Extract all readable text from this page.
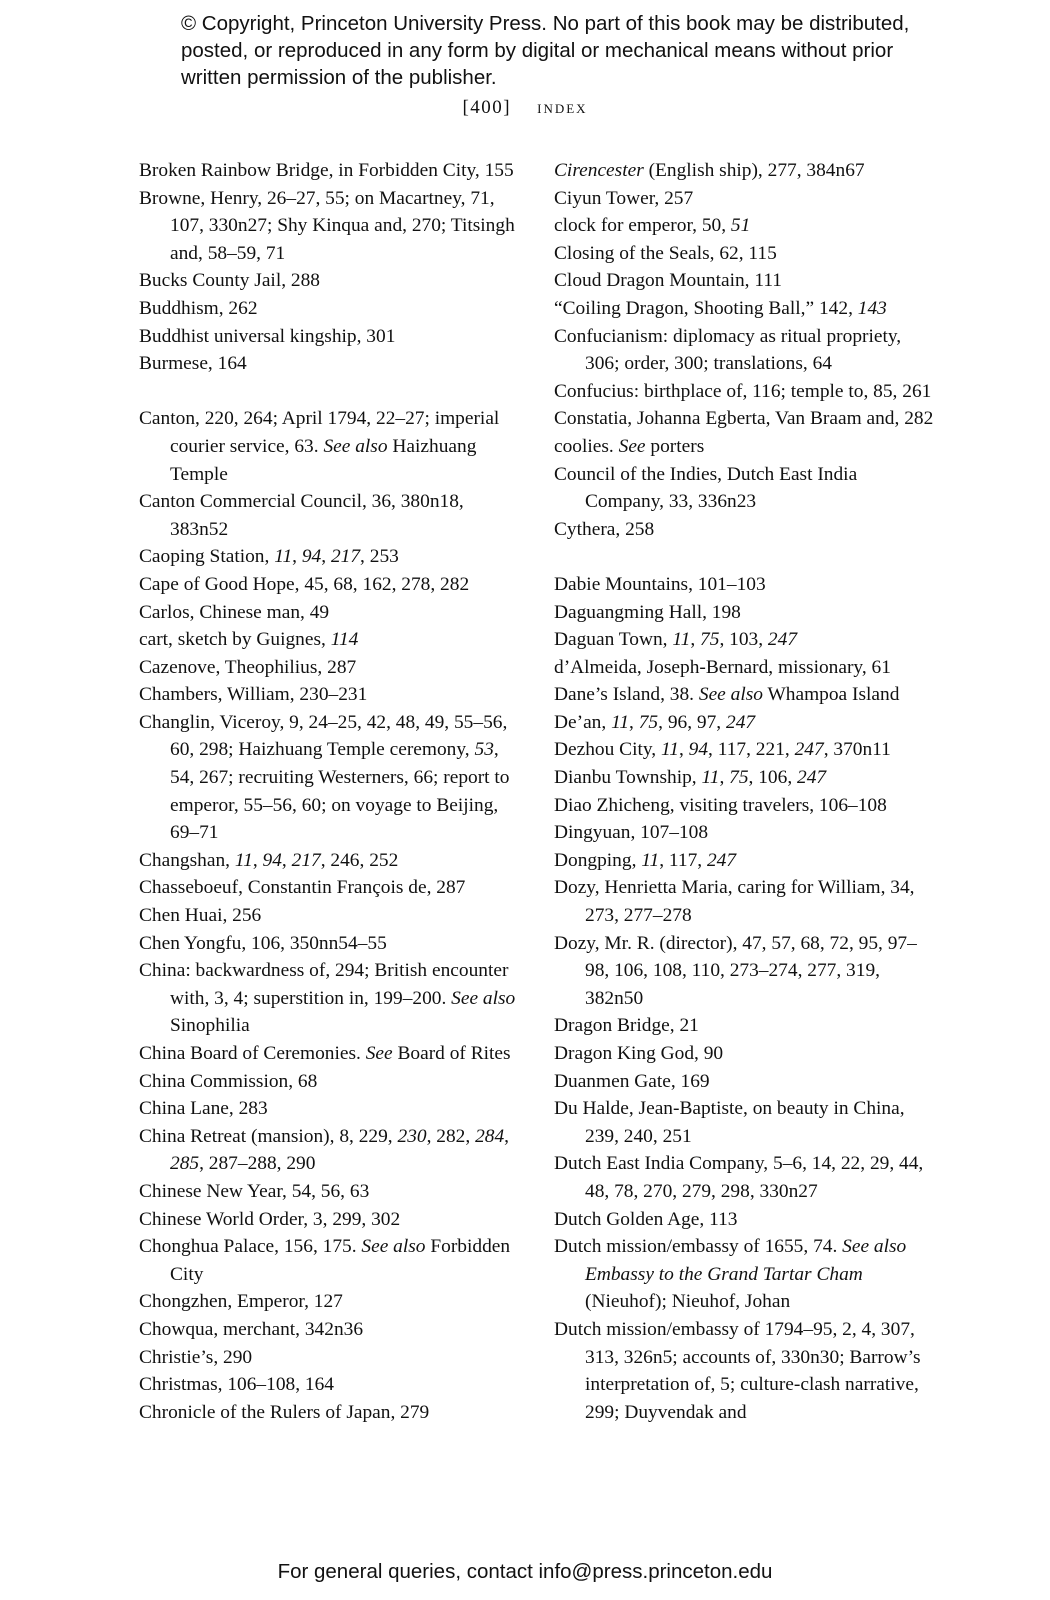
© Copyright, Princeton University Press. No part of this book may be distributed, posted, or reproduced in any form by digital or mechanical means without prior written permission of the publisher.
[400] index
Broken Rainbow Bridge, in Forbidden City, 155
Browne, Henry, 26–27, 55; on Macartney, 71, 107, 330n27; Shy Kinqua and, 270; Titsingh and, 58–59, 71
Bucks County Jail, 288
Buddhism, 262
Buddhist universal kingship, 301
Burmese, 164
Canton, 220, 264; April 1794, 22–27; imperial courier service, 63. See also Haizhuang Temple
Canton Commercial Council, 36, 380n18, 383n52
Caoping Station, 11, 94, 217, 253
Cape of Good Hope, 45, 68, 162, 278, 282
Carlos, Chinese man, 49
cart, sketch by Guignes, 114
Cazenove, Theophilius, 287
Chambers, William, 230–231
Changlin, Viceroy, 9, 24–25, 42, 48, 49, 55–56, 60, 298; Haizhuang Temple ceremony, 53, 54, 267; recruiting Westerners, 66; report to emperor, 55–56, 60; on voyage to Beijing, 69–71
Changshan, 11, 94, 217, 246, 252
Chasseboeuf, Constantin François de, 287
Chen Huai, 256
Chen Yongfu, 106, 350nn54–55
China: backwardness of, 294; British encounter with, 3, 4; superstition in, 199–200. See also Sinophilia
China Board of Ceremonies. See Board of Rites
China Commission, 68
China Lane, 283
China Retreat (mansion), 8, 229, 230, 282, 284, 285, 287–288, 290
Chinese New Year, 54, 56, 63
Chinese World Order, 3, 299, 302
Chonghua Palace, 156, 175. See also Forbidden City
Chongzhen, Emperor, 127
Chowqua, merchant, 342n36
Christie’s, 290
Christmas, 106–108, 164
Chronicle of the Rulers of Japan, 279
Cirencester (English ship), 277, 384n67
Ciyun Tower, 257
clock for emperor, 50, 51
Closing of the Seals, 62, 115
Cloud Dragon Mountain, 111
“Coiling Dragon, Shooting Ball,” 142, 143
Confucianism: diplomacy as ritual propriety, 306; order, 300; translations, 64
Confucius: birthplace of, 116; temple to, 85, 261
Constatia, Johanna Egberta, Van Braam and, 282
coolies. See porters
Council of the Indies, Dutch East India Company, 33, 336n23
Cythera, 258
Dabie Mountains, 101–103
Daguangming Hall, 198
Daguan Town, 11, 75, 103, 247
d’Almeida, Joseph-Bernard, missionary, 61
Dane’s Island, 38. See also Whampoa Island
De’an, 11, 75, 96, 97, 247
Dezhou City, 11, 94, 117, 221, 247, 370n11
Dianbu Township, 11, 75, 106, 247
Diao Zhicheng, visiting travelers, 106–108
Dingyuan, 107–108
Dongping, 11, 117, 247
Dozy, Henrietta Maria, caring for William, 34, 273, 277–278
Dozy, Mr. R. (director), 47, 57, 68, 72, 95, 97–98, 106, 108, 110, 273–274, 277, 319, 382n50
Dragon Bridge, 21
Dragon King God, 90
Duanmen Gate, 169
Du Halde, Jean-Baptiste, on beauty in China, 239, 240, 251
Dutch East India Company, 5–6, 14, 22, 29, 44, 48, 78, 270, 279, 298, 330n27
Dutch Golden Age, 113
Dutch mission/embassy of 1655, 74. See also Embassy to the Grand Tartar Cham (Nieuhof); Nieuhof, Johan
Dutch mission/embassy of 1794–95, 2, 4, 307, 313, 326n5; accounts of, 330n30; Barrow’s interpretation of, 5; culture-clash narrative, 299; Duyvendak and
For general queries, contact info@press.princeton.edu
